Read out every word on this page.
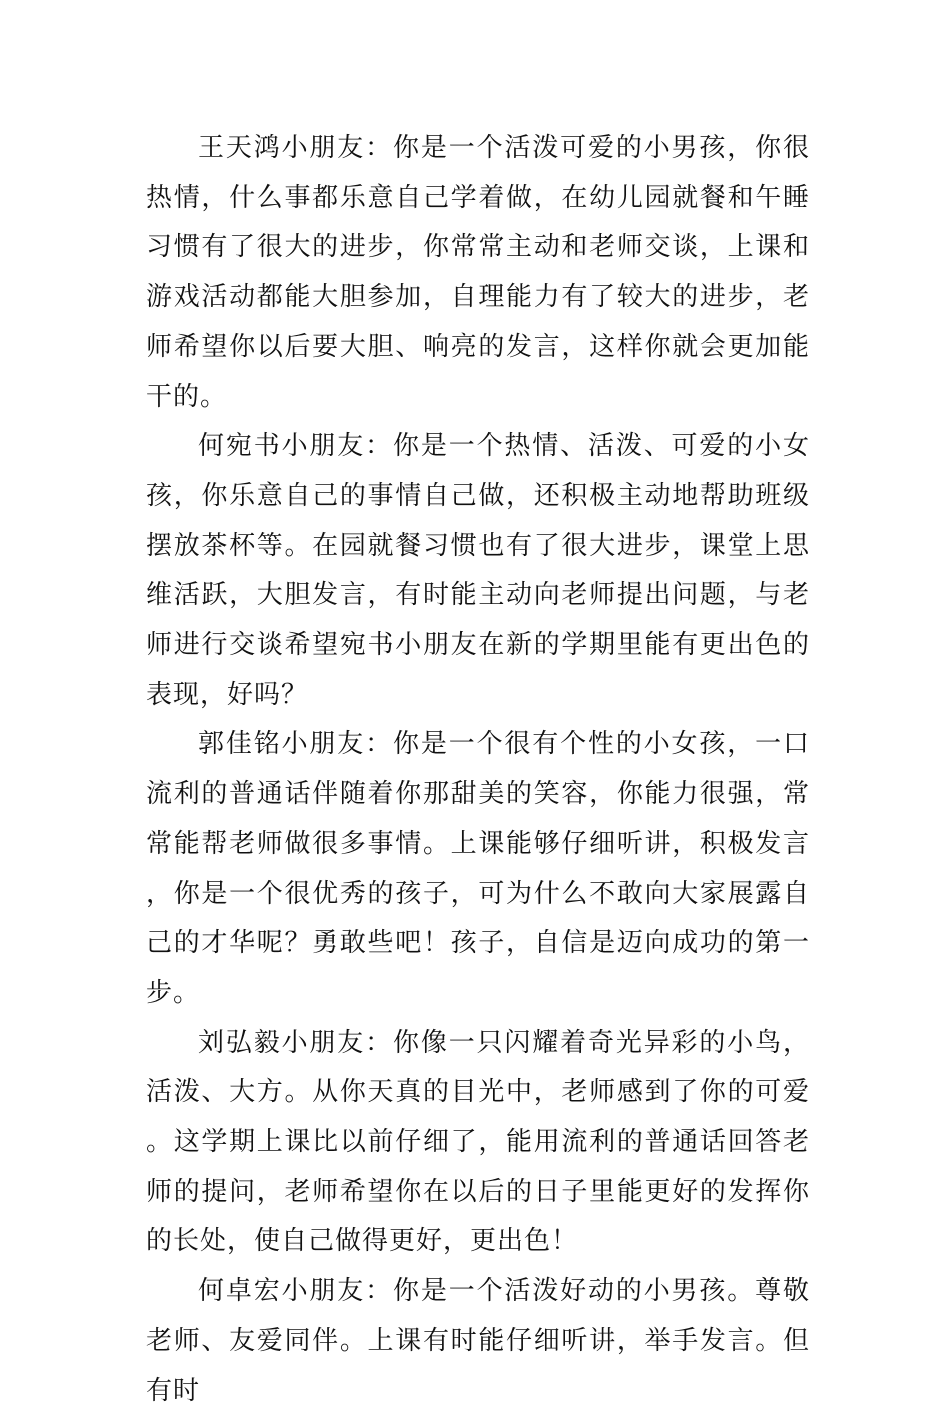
王天鸿小朋友：你是一个活泼可爱的小男孩，你很热情，什么事都乐意自己学着做，在幼儿园就餐和午睡习惯有了很大的进步，你常常主动和老师交谈，上课和游戏活动都能大胆参加，自理能力有了较大的进步，老师希望你以后要大胆、响亮的发言，这样你就会更加能干的。

何宛书小朋友：你是一个热情、活泼、可爱的小女孩，你乐意自己的事情自己做，还积极主动地帮助班级摆放茶杯等。在园就餐习惯也有了很大进步，课堂上思维活跃，大胆发言，有时能主动向老师提出问题，与老师进行交谈希望宛书小朋友在新的学期里能有更出色的表现，好吗？

郭佳铭小朋友：你是一个很有个性的小女孩，一口流利的普通话伴随着你那甜美的笑容，你能力很强，常常能帮老师做很多事情。上课能够仔细听讲，积极发言，你是一个很优秀的孩子，可为什么不敢向大家展露自己的才华呢？勇敢些吧！孩子，自信是迈向成功的第一步。

刘弘毅小朋友：你像一只闪耀着奇光异彩的小鸟，活泼、大方。从你天真的目光中，老师感到了你的可爱。这学期上课比以前仔细了，能用流利的普通话回答老师的提问，老师希望你在以后的日子里能更好的发挥你的长处，使自己做得更好，更出色！

何卓宏小朋友：你是一个活泼好动的小男孩。尊敬老师、友爱同伴。上课有时能仔细听讲，举手发言。但有时
